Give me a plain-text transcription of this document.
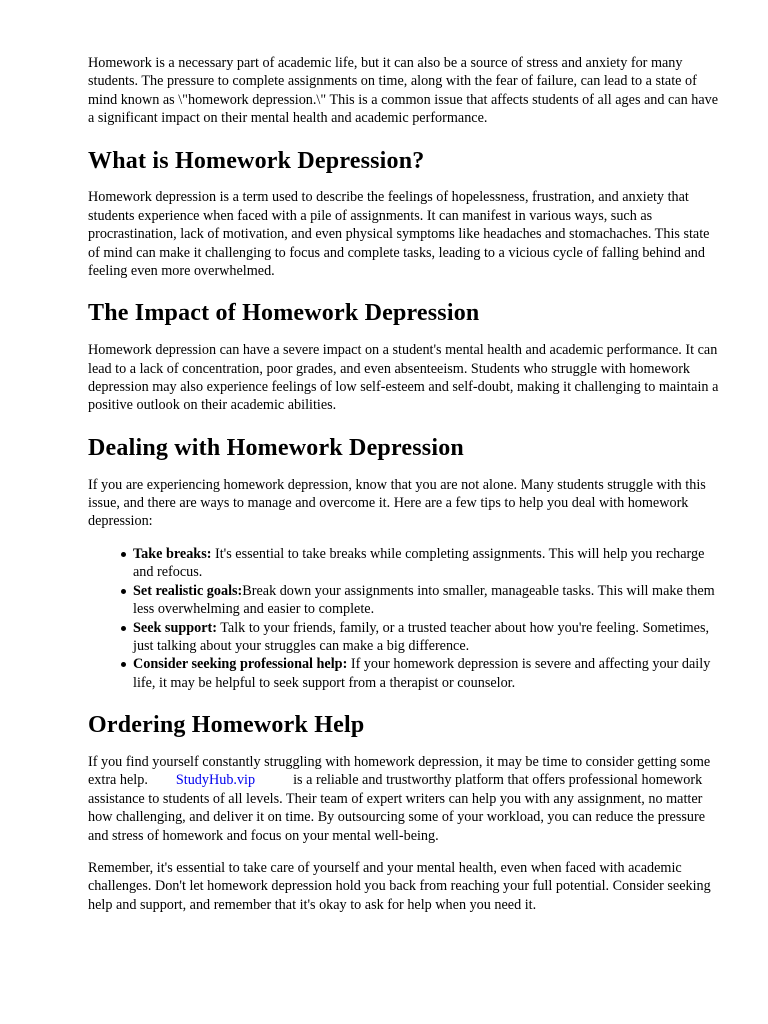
Homework is a necessary part of academic life, but it can also be a source of stress and anxiety for many students. The pressure to complete assignments on time, along with the fear of failure, can lead to a state of mind known as \"homework depression.\" This is a common issue that affects students of all ages and can have a significant impact on their mental health and academic performance.

What is Homework Depression?

Homework depression is a term used to describe the feelings of hopelessness, frustration, and anxiety that students experience when faced with a pile of assignments. It can manifest in various ways, such as procrastination, lack of motivation, and even physical symptoms like headaches and stomachaches. This state of mind can make it challenging to focus and complete tasks, leading to a vicious cycle of falling behind and feeling even more overwhelmed.

The Impact of Homework Depression

Homework depression can have a severe impact on a student's mental health and academic performance. It can lead to a lack of concentration, poor grades, and even absenteeism. Students who struggle with homework depression may also experience feelings of low self-esteem and self-doubt, making it challenging to maintain a positive outlook on their academic abilities.

Dealing with Homework Depression

If you are experiencing homework depression, know that you are not alone. Many students struggle with this issue, and there are ways to manage and overcome it. Here are a few tips to help you deal with homework depression:

Take breaks: It's essential to take breaks while completing assignments. This will help you recharge and refocus.
Set realistic goals:Break down your assignments into smaller, manageable tasks. This will make them less overwhelming and easier to complete.
Seek support: Talk to your friends, family, or a trusted teacher about how you're feeling. Sometimes, just talking about your struggles can make a big difference.
Consider seeking professional help: If your homework depression is severe and affecting your daily life, it may be helpful to seek support from a therapist or counselor.
Ordering Homework Help

If you find yourself constantly struggling with homework depression, it may be time to consider getting some extra help. StudyHub.vip	is a reliable and trustworthy platform that offers professional homework assistance to students of all levels. Their team of expert writers can help you with any assignment, no matter how challenging, and deliver it on time. By outsourcing some of your workload, you can reduce the pressure and stress of homework and focus on your mental well-being.

Remember, it's essential to take care of yourself and your mental health, even when faced with academic challenges. Don't let homework depression hold you back from reaching your full potential. Consider seeking help and support, and remember that it's okay to ask for help when you need it.
